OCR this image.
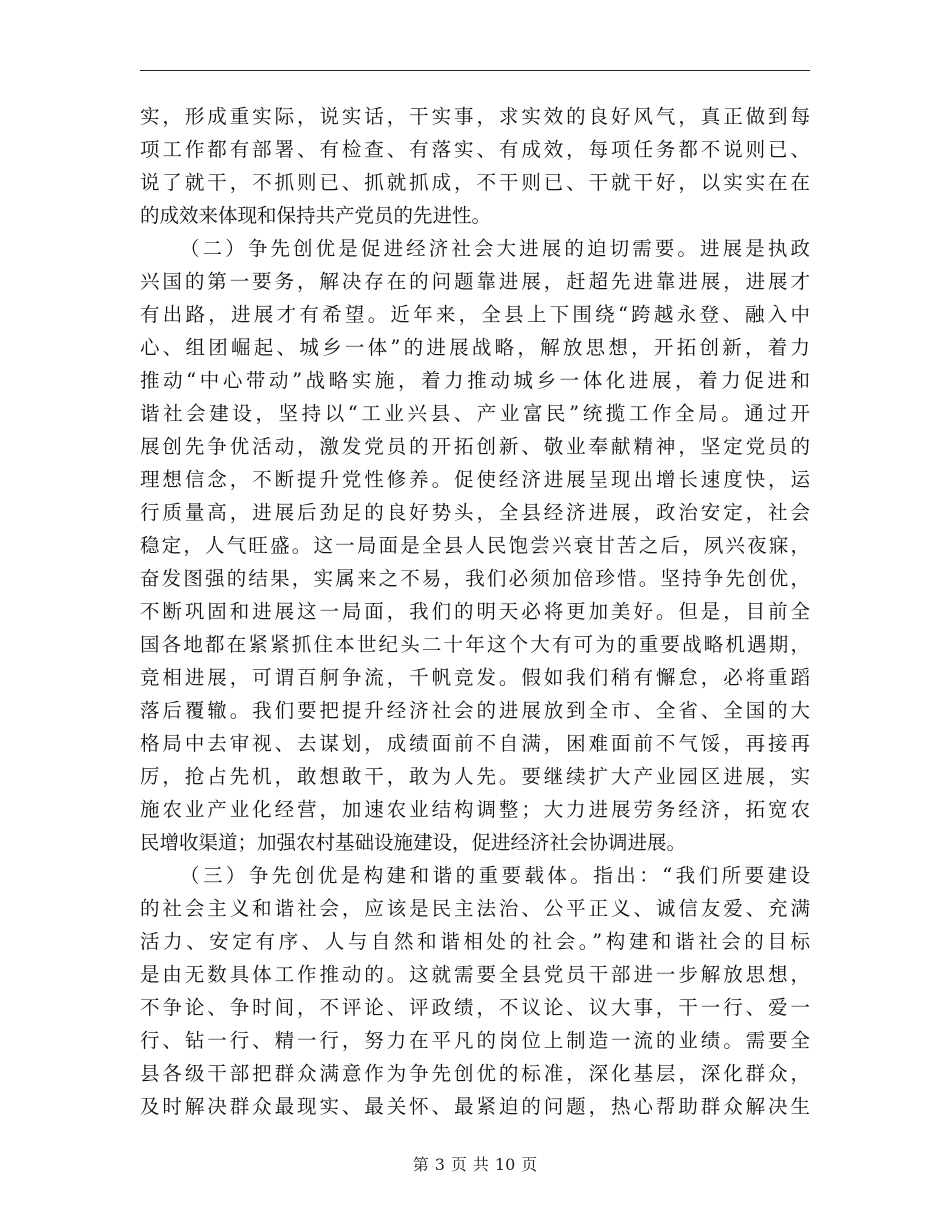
实，形成重实际，说实话，干实事，求实效的良好风气，真正做到每
项工作都有部署、有检查、有落实、有成效，每项任务都不说则已、
说了就干，不抓则已、抓就抓成，不干则已、干就干好，以实实在在
的成效来体现和保持共产党员的先进性。
（二）争先创优是促进经济社会大进展的迫切需要。进展是执政
兴国的第一要务，解决存在的问题靠进展，赶超先进靠进展，进展才
有出路，进展才有希望。近年来，全县上下围绕“跨越永登、融入中
心、组团崛起、城乡一体”的进展战略，解放思想，开拓创新，着力
推动“中心带动”战略实施，着力推动城乡一体化进展，着力促进和
谐社会建设，坚持以“工业兴县、产业富民”统揽工作全局。通过开
展创先争优活动，激发党员的开拓创新、敬业奉献精神，坚定党员的
理想信念，不断提升党性修养。促使经济进展呈现出增长速度快，运
行质量高，进展后劲足的良好势头，全县经济进展，政治安定，社会
稳定，人气旺盛。这一局面是全县人民饱尝兴衰甘苦之后，夙兴夜寐，
奋发图强的结果，实属来之不易，我们必须加倍珍惜。坚持争先创优，
不断巩固和进展这一局面，我们的明天必将更加美好。但是，目前全
国各地都在紧紧抓住本世纪头二十年这个大有可为的重要战略机遇期，
竞相进展，可谓百舸争流，千帆竞发。假如我们稍有懈怠，必将重蹈
落后覆辙。我们要把提升经济社会的进展放到全市、全省、全国的大
格局中去审视、去谋划，成绩面前不自满，困难面前不气馁，再接再
厉，抢占先机，敢想敢干，敢为人先。要继续扩大产业园区进展，实
施农业产业化经营，加速农业结构调整；大力进展劳务经济，拓宽农
民增收渠道；加强农村基础设施建设，促进经济社会协调进展。
（三）争先创优是构建和谐的重要载体。指出：“我们所要建设
的社会主义和谐社会，应该是民主法治、公平正义、诚信友爱、充满
活力、安定有序、人与自然和谐相处的社会。”构建和谐社会的目标
是由无数具体工作推动的。这就需要全县党员干部进一步解放思想，
不争论、争时间，不评论、评政绩，不议论、议大事，干一行、爱一
行、钻一行、精一行，努力在平凡的岗位上制造一流的业绩。需要全
县各级干部把群众满意作为争先创优的标准，深化基层，深化群众，
及时解决群众最现实、最关怀、最紧迫的问题，热心帮助群众解决生
第 3 页 共 10 页
